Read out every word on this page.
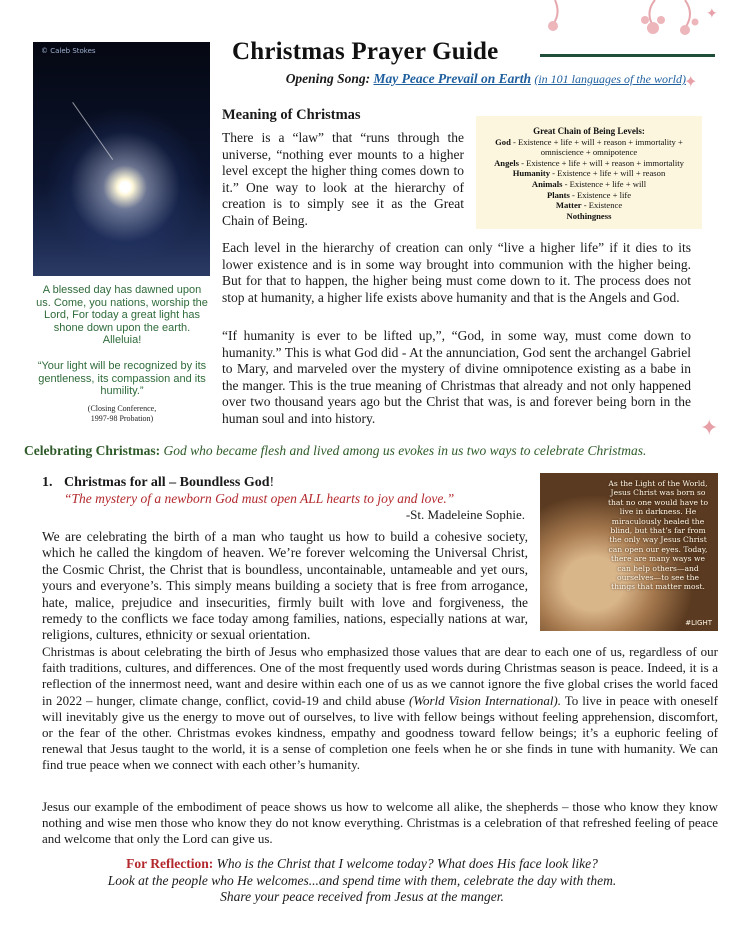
✦
✦
✦
Christmas Prayer Guide
Opening Song: May Peace Prevail on Earth (in 101 languages of the world)
© Caleb Stokes
A blessed day has dawned upon us. Come, you nations, worship the Lord, For today a great light has shone down upon the earth. Alleluia!
“Your light will be recognized by its gentleness, its compassion and its humility.”
(Closing Conference,
1997-98 Probation)
Meaning of Christmas
There is a “law” that “runs through the universe, “nothing ever mounts to a higher level except the higher thing comes down to it.” One way to look at the hierarchy of creation is to simply see it as the Great Chain of Being.
Great Chain of Being Levels:
God - Existence + life + will + reason + immortality + omniscience + omnipotence
Angels - Existence + life + will + reason + immortality
Humanity - Existence + life + will + reason
Animals - Existence + life + will
Plants - Existence + life
Matter - Existence
Nothingness
Each level in the hierarchy of creation can only “live a higher life” if it dies to its lower existence and is in some way brought into communion with the higher being. But for that to happen, the higher being must come down to it. The process does not stop at humanity, a higher life exists above humanity and that is the Angels and God.
“If humanity is ever to be lifted up,”, “God, in some way, must come down to humanity.” This is what God did - At the annunciation, God sent the archangel Gabriel to Mary, and marveled over the mystery of divine omnipotence existing as a babe in the manger. This is the true meaning of Christmas that already and not only happened over two thousand years ago but the Christ that was, is and forever being born in the human soul and into history.
Celebrating Christmas: God who became flesh and lived among us evokes in us two ways to celebrate Christmas.
1. Christmas for all – Boundless God!
“The mystery of a newborn God must open ALL hearts to joy and love.”
-St. Madeleine Sophie.
As the Light of the World, Jesus Christ was born so that no one would have to live in darkness. He miraculously healed the blind, but that’s far from the only way Jesus Christ can open our eyes. Today, there are many ways we can help others—and ourselves—to see the things that matter most.
#LIGHT
We are celebrating the birth of a man who taught us how to build a cohesive society, which he called the kingdom of heaven. We’re forever welcoming the Universal Christ, the Cosmic Christ, the Christ that is boundless, uncontainable, untameable and yet ours, yours and everyone’s. This simply means building a society that is free from arrogance, hate, malice, prejudice and insecurities, firmly built with love and forgiveness, the remedy to the conflicts we face today among families, nations, especially nations at war, religions, cultures, ethnicity or sexual orientation.
Christmas is about celebrating the birth of Jesus who emphasized those values that are dear to each one of us, regardless of our faith traditions, cultures, and differences. One of the most frequently used words during Christmas season is peace. Indeed, it is a reflection of the innermost need, want and desire within each one of us as we cannot ignore the five global crises the world faced in 2022 – hunger, climate change, conflict, covid-19 and child abuse (World Vision International). To live in peace with oneself will inevitably give us the energy to move out of ourselves, to live with fellow beings without feeling apprehension, discomfort, or the fear of the other. Christmas evokes kindness, empathy and goodness toward fellow beings; it’s a euphoric feeling of renewal that Jesus taught to the world, it is a sense of completion one feels when he or she finds in tune with humanity. We can find true peace when we connect with each other’s humanity.
Jesus our example of the embodiment of peace shows us how to welcome all alike, the shepherds – those who know they know nothing and wise men those who know they do not know everything. Christmas is a celebration of that refreshed feeling of peace and welcome that only the Lord can give us.
For Reflection: Who is the Christ that I welcome today? What does His face look like?
Look at the people who He welcomes...and spend time with them, celebrate the day with them.
Share your peace received from Jesus at the manger.
